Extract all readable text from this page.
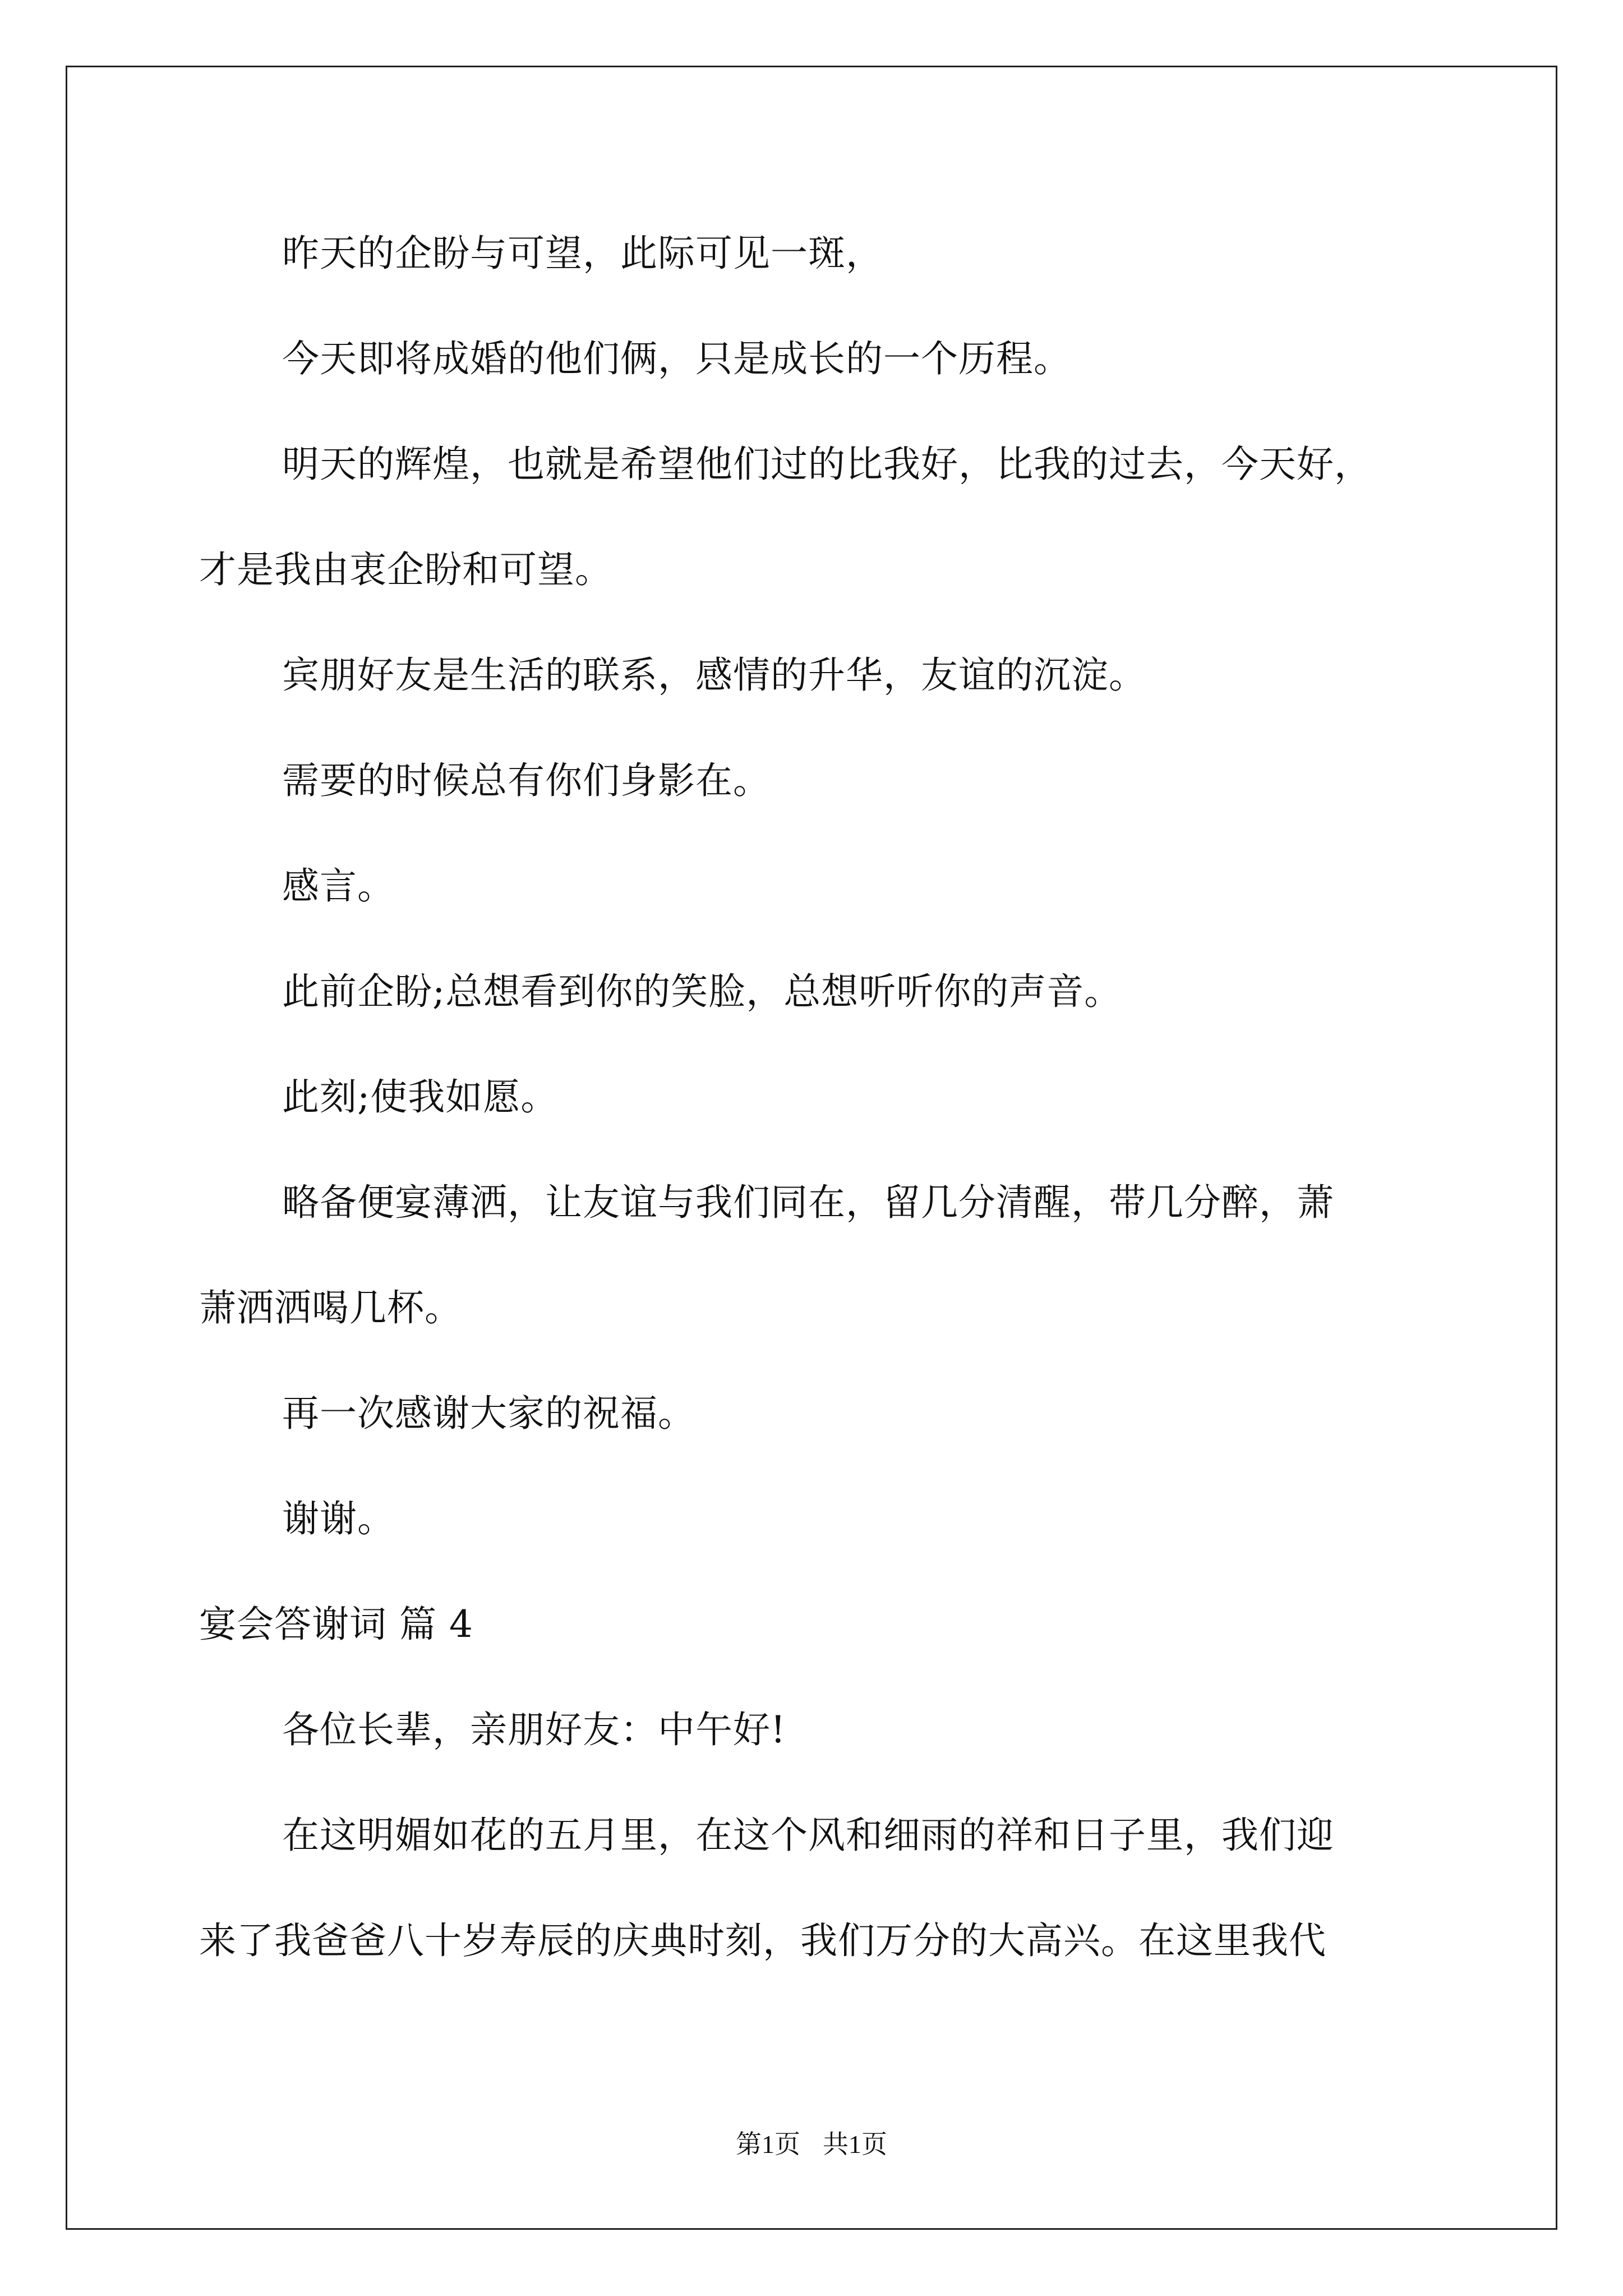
昨天的企盼与可望，此际可见一斑，
今天即将成婚的他们俩，只是成长的一个历程。
明天的辉煌，也就是希望他们过的比我好，比我的过去，今天好，
才是我由衷企盼和可望。
宾朋好友是生活的联系，感情的升华，友谊的沉淀。
需要的时候总有你们身影在。
感言。
此前企盼;总想看到你的笑脸，总想听听你的声音。
此刻;使我如愿。
略备便宴薄洒，让友谊与我们同在，留几分清醒，带几分醉，萧
萧洒洒喝几杯。
再一次感谢大家的祝福。
谢谢。
宴会答谢词 篇 4
各位长辈，亲朋好友：中午好!
在这明媚如花的五月里，在这个风和细雨的祥和日子里，我们迎
来了我爸爸八十岁寿辰的庆典时刻，我们万分的大高兴。在这里我代
第1页 共1页
